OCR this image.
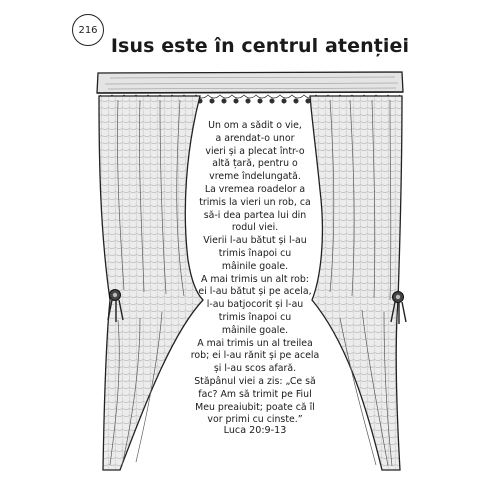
216
Isus este în centrul atenției

Un om a sădit o vie,

a arendat-o unor

vieri și a plecat într-o

altă țară, pentru o

vreme îndelungată.

La vremea roadelor a

trimis la vieri un rob, ca

să-i dea partea lui din

rodul viei.

Vierii l-au bătut și l-au

trimis înapoi cu

mâinile goale.

A mai trimis un alt rob:

ei l-au bătut și pe acela,

l-au batjocorit și l-au

trimis înapoi cu

mâinile goale.

A mai trimis un al treilea

rob; ei l-au rănit și pe acela

și l-au scos afară.

Stăpânul viei a zis: „Ce să

fac? Am să trimit pe Fiul

Meu preaiubit; poate că îl

vor primi cu cinste.”

Luca 20:9-13
